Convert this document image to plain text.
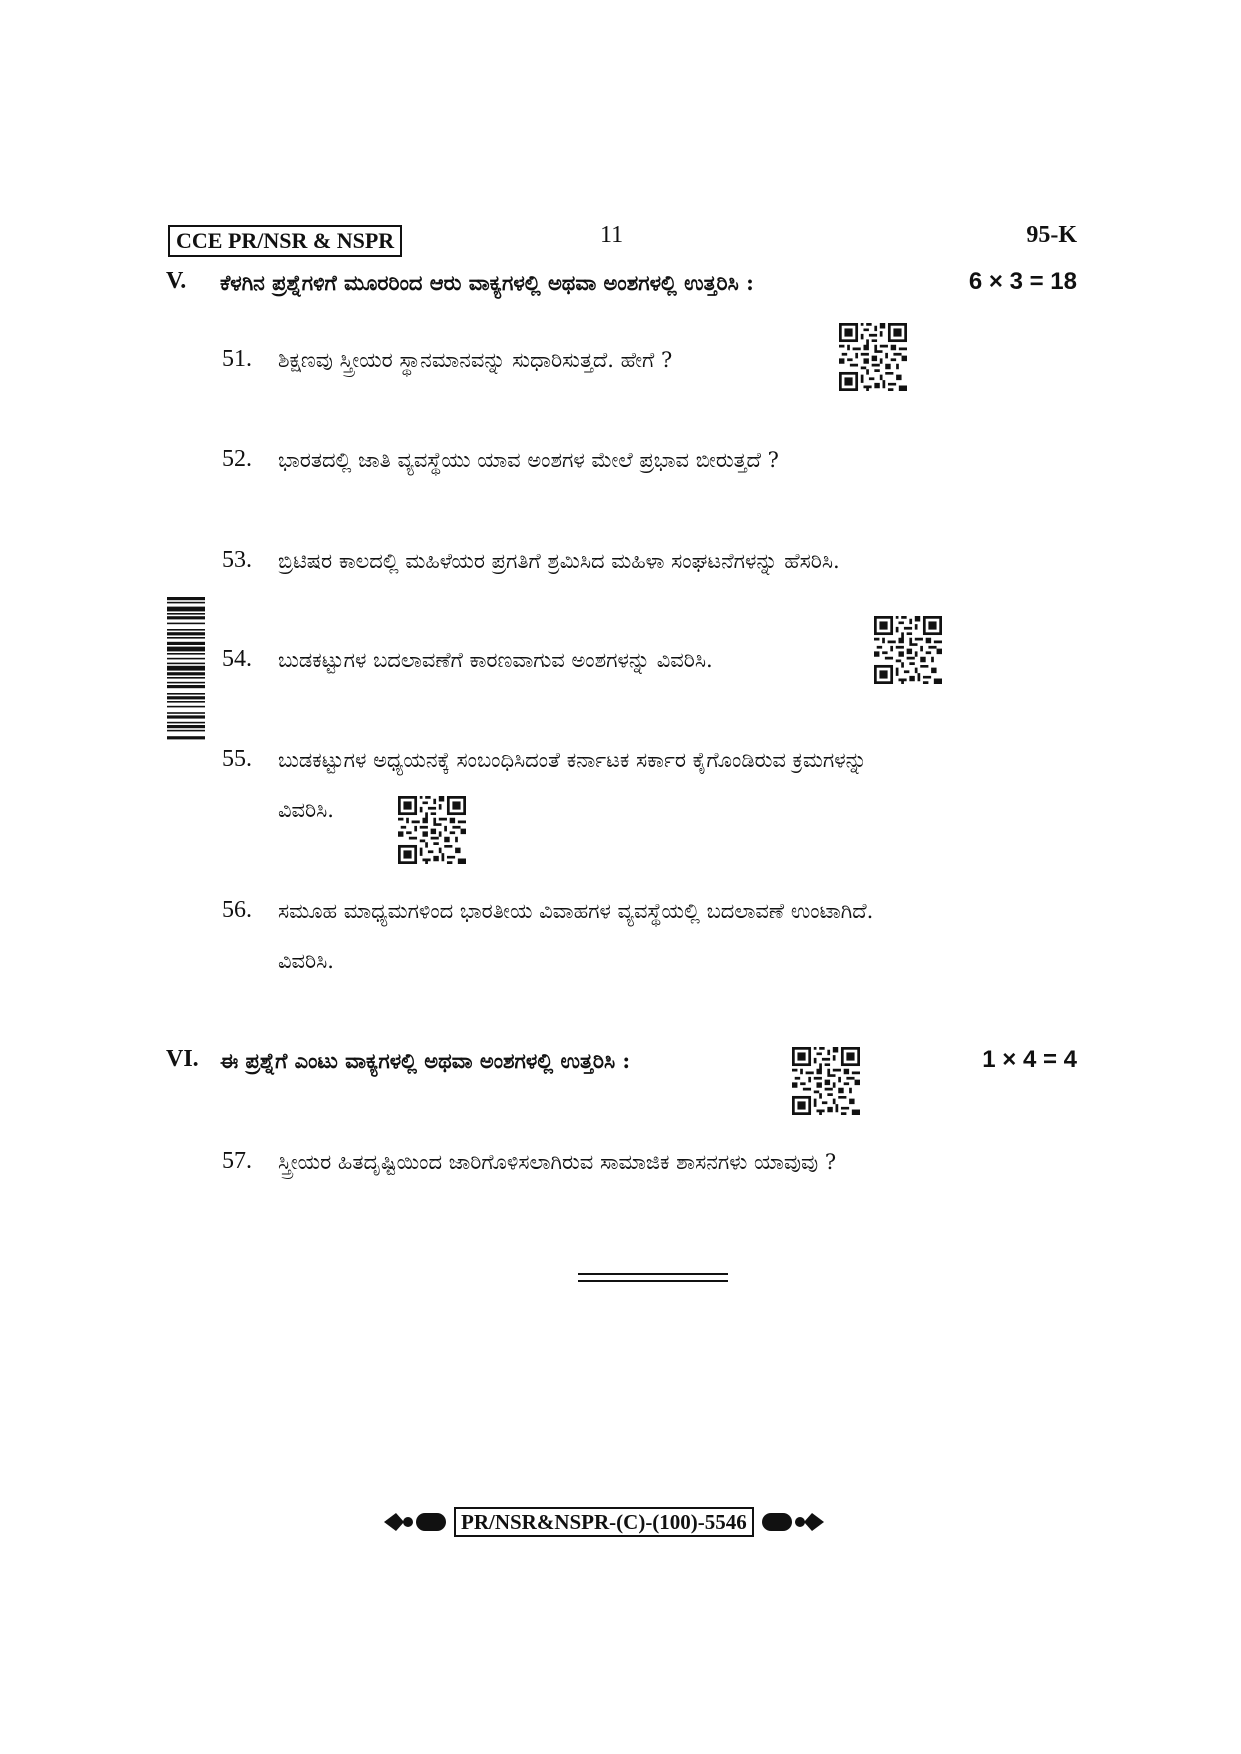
CCE PR/NSR & NSPR	11	95-K
V. ಕೆಳಗಿನ ಪ್ರಶ್ನೆಗಳಿಗೆ ಮೂರರಿಂದ ಆರು ವಾಕ್ಯಗಳಲ್ಲಿ ಅಥವಾ ಅಂಶಗಳಲ್ಲಿ ಉತ್ತರಿಸಿ :	6 × 3 = 18
51. ಶಿಕ್ಷಣವು ಸ್ತ್ರೀಯರ ಸ್ಥಾನಮಾನವನ್ನು ಸುಧಾರಿಸುತ್ತದೆ. ಹೇಗೆ ?
52. ಭಾರತದಲ್ಲಿ ಜಾತಿ ವ್ಯವಸ್ಥೆಯು ಯಾವ ಅಂಶಗಳ ಮೇಲೆ ಪ್ರಭಾವ ಬೀರುತ್ತದೆ ?
53. ಬ್ರಿಟಿಷರ ಕಾಲದಲ್ಲಿ ಮಹಿಳೆಯರ ಪ್ರಗತಿಗೆ ಶ್ರಮಿಸಿದ ಮಹಿಳಾ ಸಂಘಟನೆಗಳನ್ನು ಹೆಸರಿಸಿ.
54. ಬುಡಕಟ್ಟುಗಳ ಬದಲಾವಣೆಗೆ ಕಾರಣವಾಗುವ ಅಂಶಗಳನ್ನು ವಿವರಿಸಿ.
55. ಬುಡಕಟ್ಟುಗಳ ಅಧ್ಯಯನಕ್ಕೆ ಸಂಬಂಧಿಸಿದಂತೆ ಕರ್ನಾಟಕ ಸರ್ಕಾರ ಕೈಗೊಂಡಿರುವ ಕ್ರಮಗಳನ್ನು
ವಿವರಿಸಿ.
56. ಸಮೂಹ ಮಾಧ್ಯಮಗಳಿಂದ ಭಾರತೀಯ ವಿವಾಹಗಳ ವ್ಯವಸ್ಥೆಯಲ್ಲಿ ಬದಲಾವಣೆ ಉಂಟಾಗಿದೆ.
ವಿವರಿಸಿ.
VI. ಈ ಪ್ರಶ್ನೆಗೆ ಎಂಟು ವಾಕ್ಯಗಳಲ್ಲಿ ಅಥವಾ ಅಂಶಗಳಲ್ಲಿ ಉತ್ತರಿಸಿ :	1 × 4 = 4
57. ಸ್ತ್ರೀಯರ ಹಿತದೃಷ್ಟಿಯಿಂದ ಜಾರಿಗೊಳಿಸಲಾಗಿರುವ ಸಾಮಾಜಿಕ ಶಾಸನಗಳು ಯಾವುವು ?
PR/NSR&NSPR-(C)-(100)-5546
